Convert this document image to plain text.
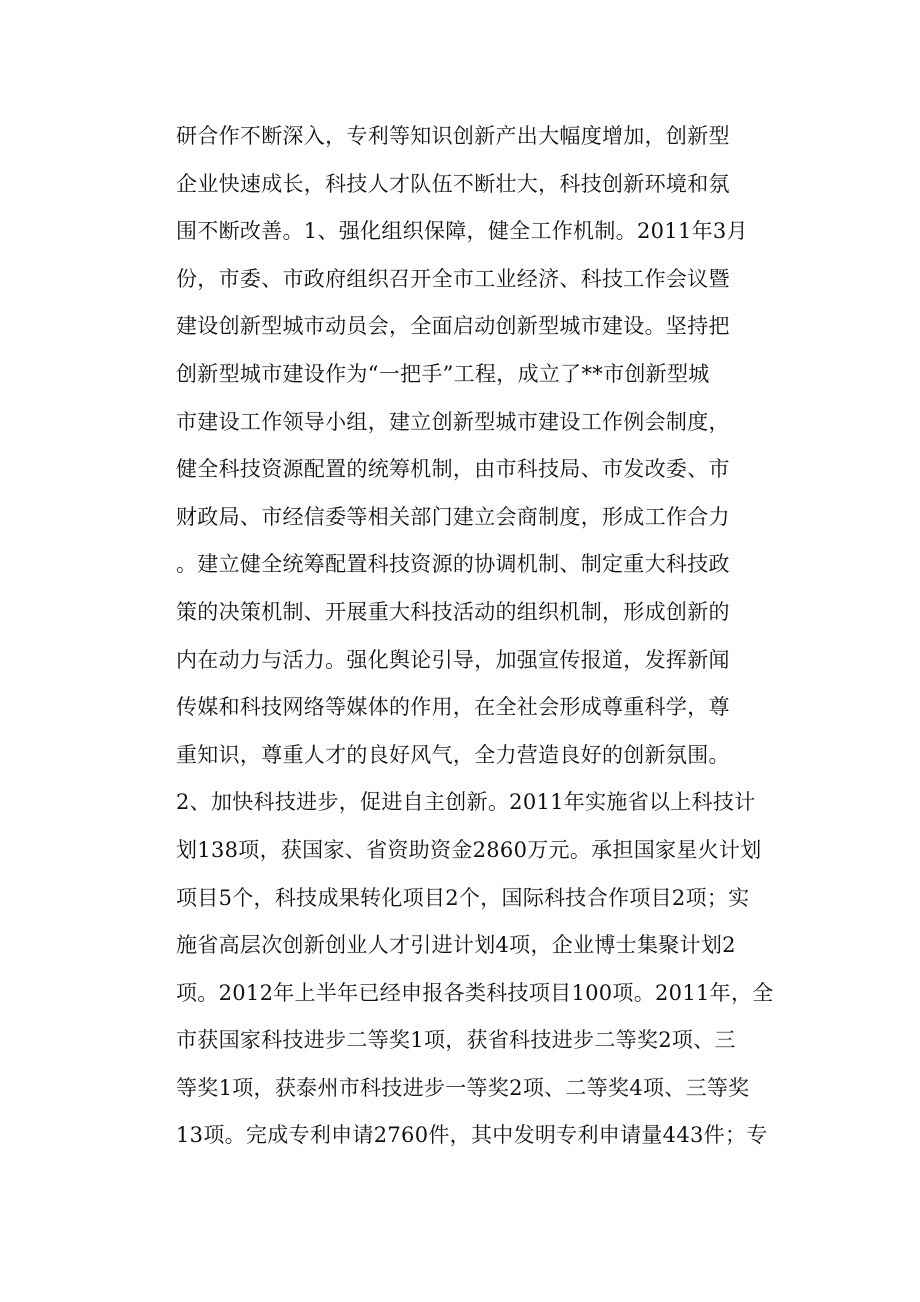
研合作不断深入，专利等知识创新产出大幅度增加，创新型
企业快速成长，科技人才队伍不断壮大，科技创新环境和氛
围不断改善。1、强化组织保障，健全工作机制。2011年3月
份，市委、市政府组织召开全市工业经济、科技工作会议暨
建设创新型城市动员会，全面启动创新型城市建设。坚持把
创新型城市建设作为“一把手”工程，成立了**市创新型城
市建设工作领导小组，建立创新型城市建设工作例会制度，
健全科技资源配置的统筹机制，由市科技局、市发改委、市
财政局、市经信委等相关部门建立会商制度，形成工作合力
。建立健全统筹配置科技资源的协调机制、制定重大科技政
策的决策机制、开展重大科技活动的组织机制，形成创新的
内在动力与活力。强化舆论引导，加强宣传报道，发挥新闻
传媒和科技网络等媒体的作用，在全社会形成尊重科学，尊
重知识，尊重人才的良好风气，全力营造良好的创新氛围。
2、加快科技进步，促进自主创新。2011年实施省以上科技计
划138项，获国家、省资助资金2860万元。承担国家星火计划
项目5个，科技成果转化项目2个，国际科技合作项目2项；实
施省高层次创新创业人才引进计划4项，企业博士集聚计划2
项。2012年上半年已经申报各类科技项目100项。2011年，全
市获国家科技进步二等奖1项，获省科技进步二等奖2项、三
等奖1项，获泰州市科技进步一等奖2项、二等奖4项、三等奖
13项。完成专利申请2760件，其中发明专利申请量443件；专
